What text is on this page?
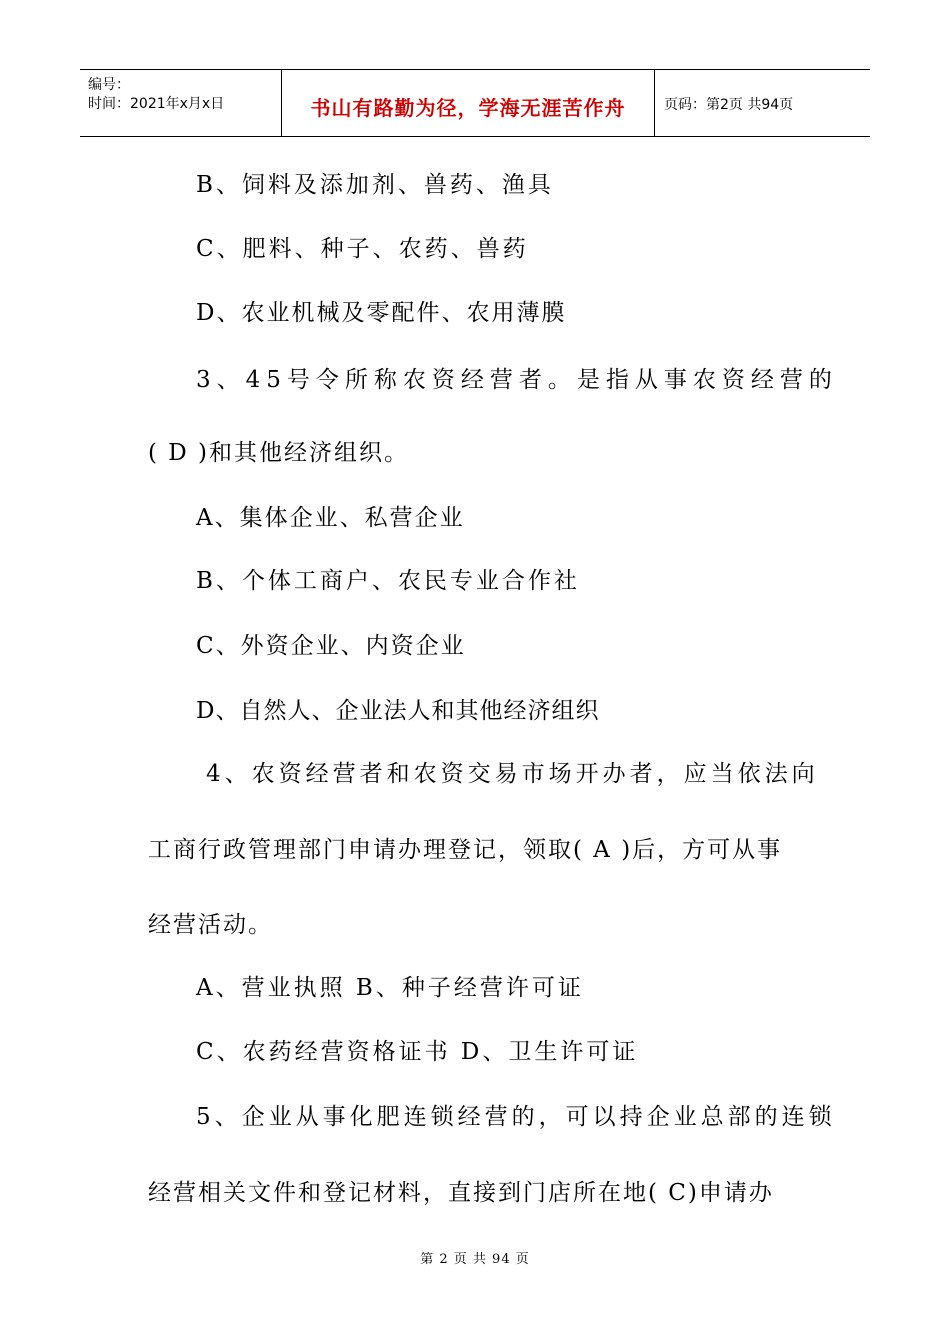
编号：
时间：2021年x月x日	书山有路勤为径，学海无涯苦作舟	页码：第2页 共94页
B、饲料及添加剂、兽药、渔具
C、肥料、种子、农药、兽药
D、农业机械及零配件、农用薄膜
3、45号令所称农资经营者。是指从事农资经营的
( D )和其他经济组织。
A、集体企业、私营企业
B、个体工商户、农民专业合作社
C、外资企业、内资企业
D、自然人、企业法人和其他经济组织
4、农资经营者和农资交易市场开办者，应当依法向
工商行政管理部门申请办理登记，领取( A )后，方可从事
经营活动。
A、营业执照 B、种子经营许可证
C、农药经营资格证书 D、卫生许可证
5、企业从事化肥连锁经营的，可以持企业总部的连锁
经营相关文件和登记材料，直接到门店所在地( C)申请办
第 2 页 共 94 页
